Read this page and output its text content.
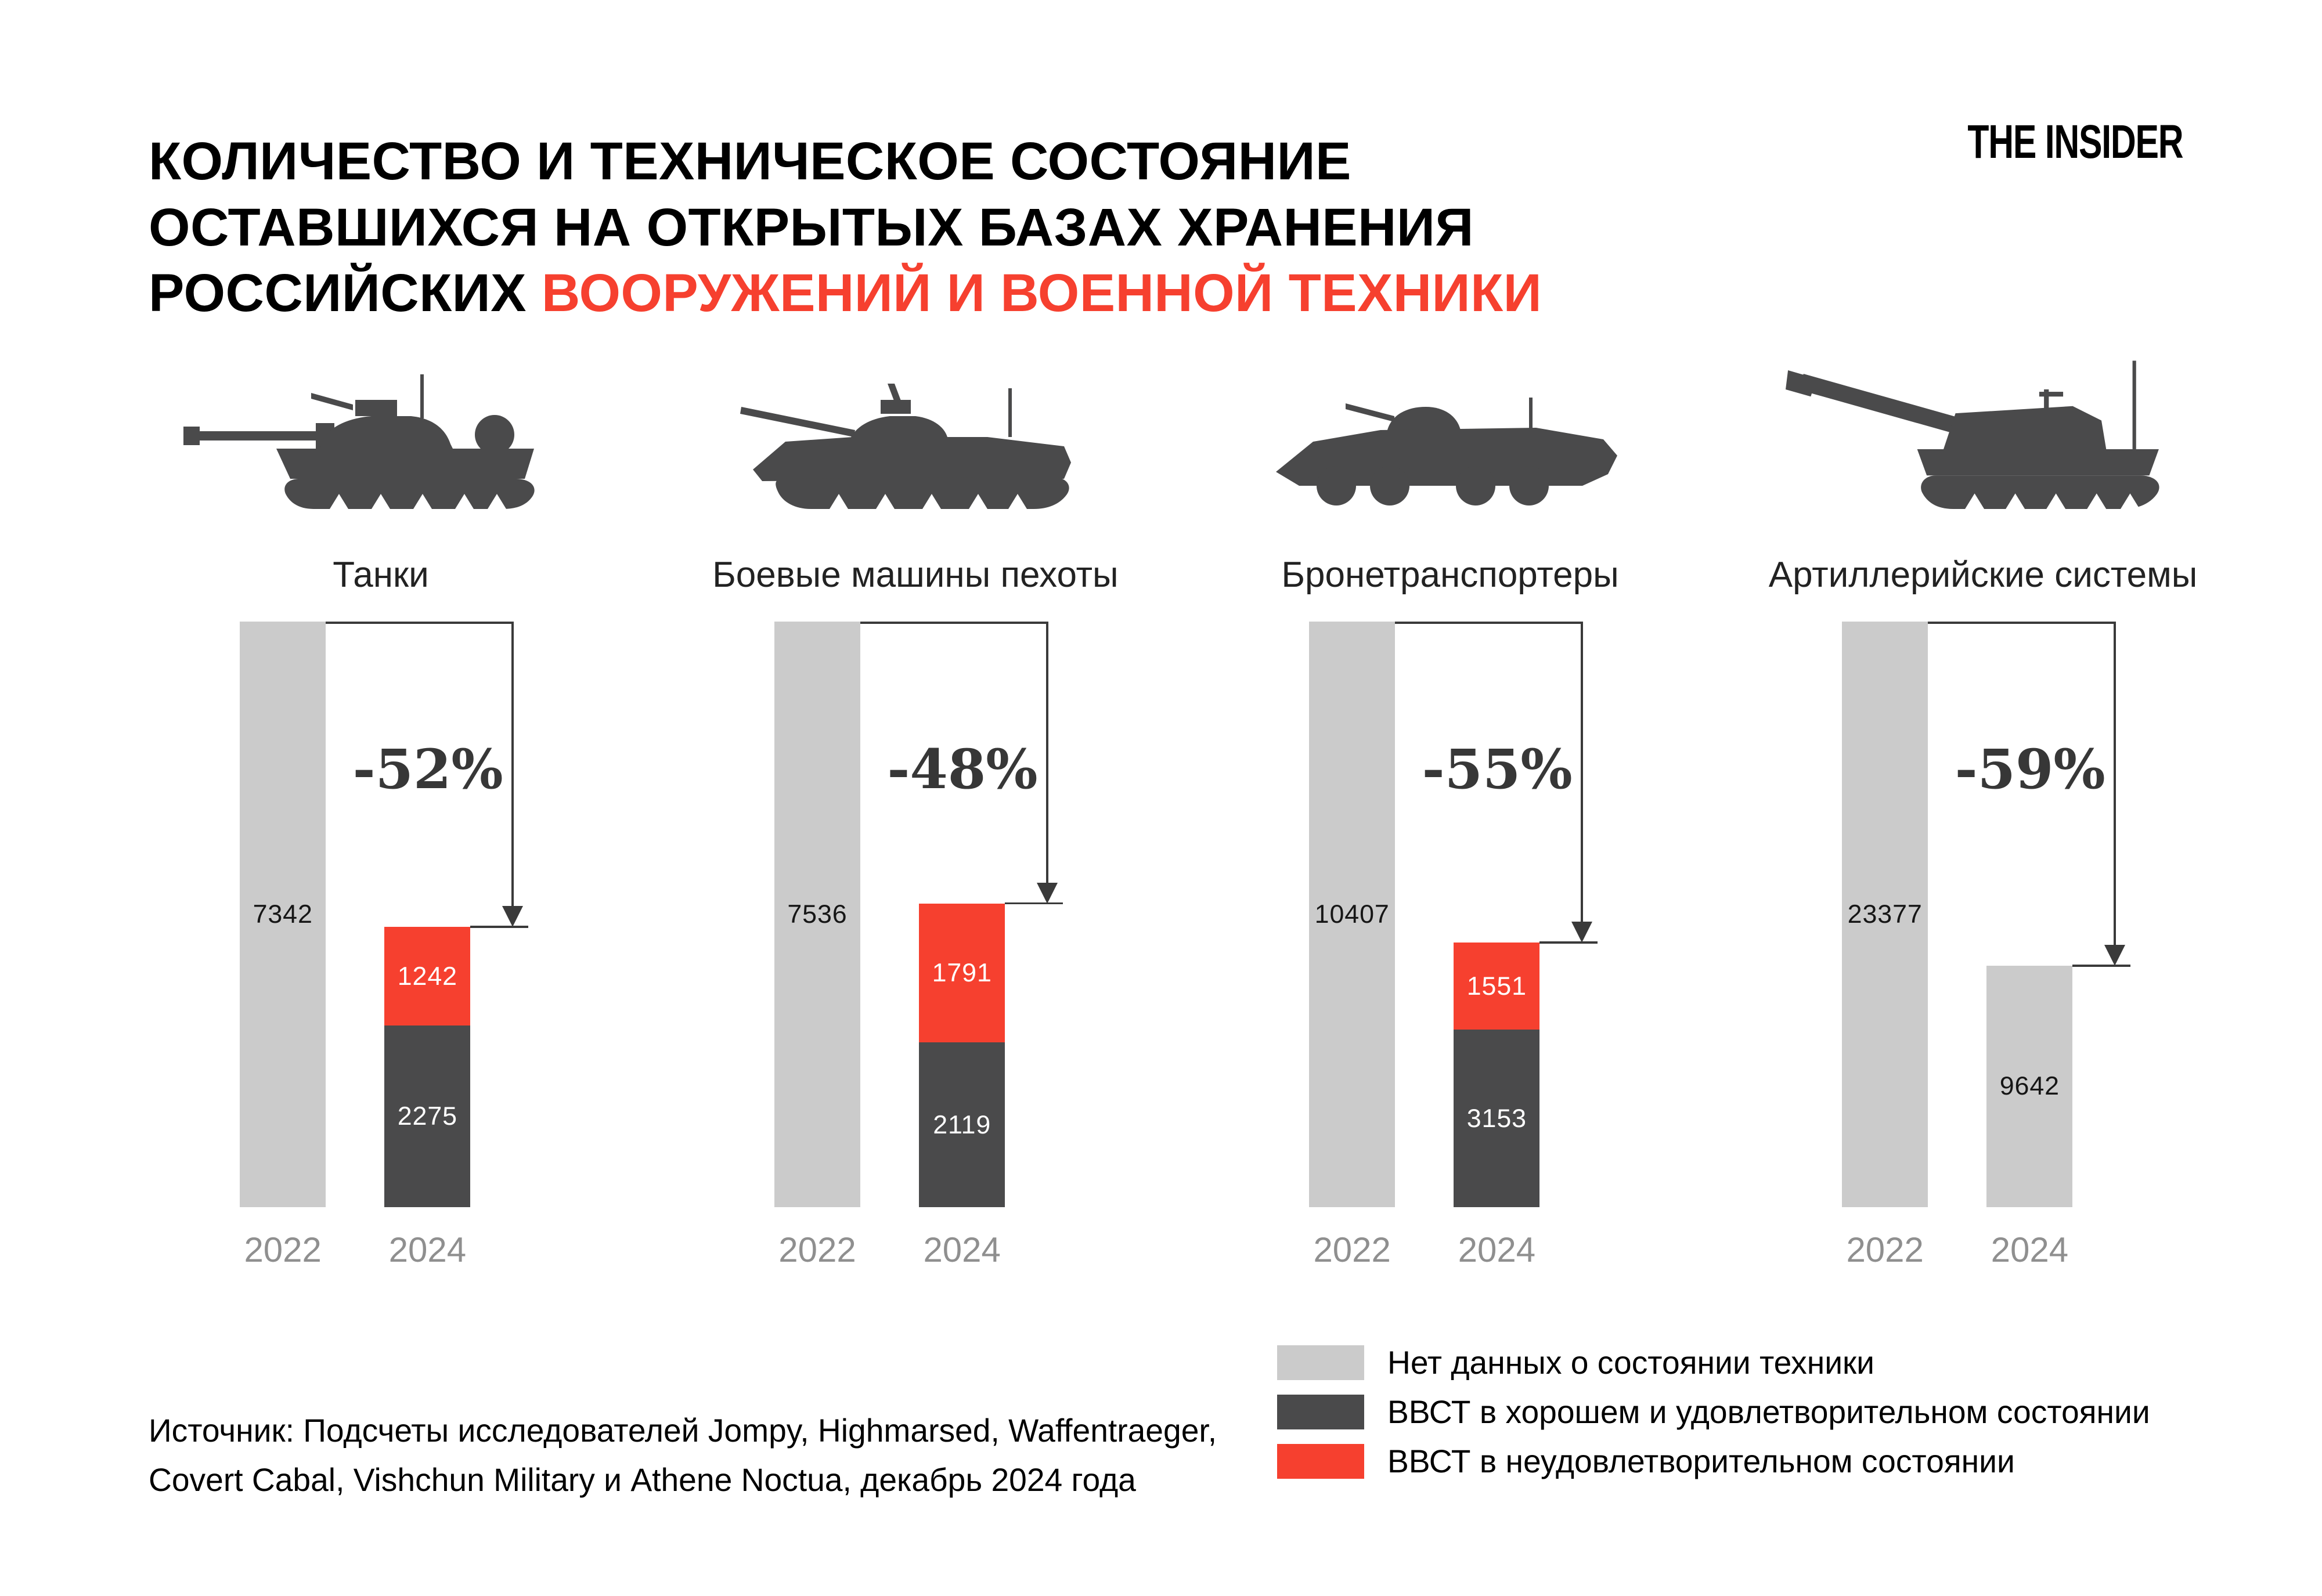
КОЛИЧЕСТВО И ТЕХНИЧЕСКОЕ СОСТОЯНИЕ
ОСТАВШИХСЯ НА ОТКРЫТЫХ БАЗАХ ХРАНЕНИЯ
РОССИЙСКИХ ВООРУЖЕНИЙ И ВОЕННОЙ ТЕХНИКИ
THE INSIDER
Танки
7342
1242
2275
-52%
2022 2024
Боевые машины пехоты
7536
1791
2119
-48%
2022 2024
Бронетранспортеры
10407
1551
3153
-55%
2022 2024
Артиллерийские системы
23377
9642
-59%
2022 2024
Нет данных о состоянии техники
ВВСТ в хорошем и удовлетворительном состоянии
ВВСТ в неудовлетворительном состоянии
Источник: Подсчеты исследователей Jompy, Highmarsed, Waffentraeger,
Covert Cabal, Vishchun Military и Athene Noctua, декабрь 2024 года
